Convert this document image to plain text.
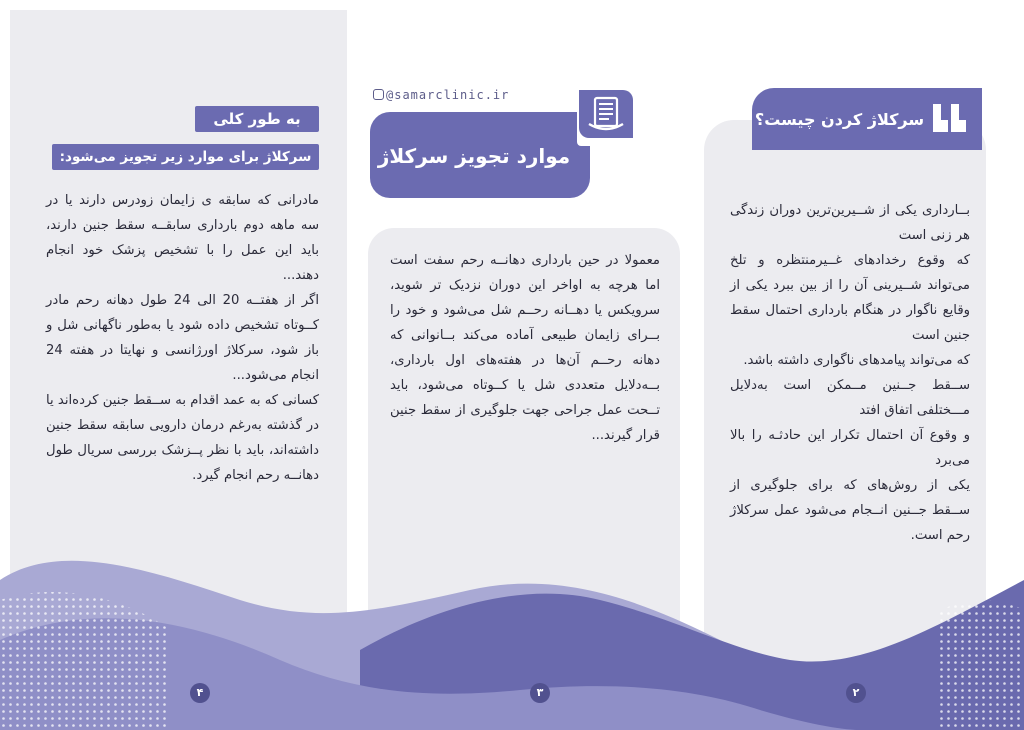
به طور کلی
سرکلاژ برای موارد زیر تجویز می‌شود:

مادرانی که سابقه ی زایمان زودرس دارند یا در سه ماهه دوم بارداری سابقــه سقط جنین دارند، باید این عمل را با تشخیص پزشک خود انجام دهند...

اگر از هفتــه 20 الی 24 طول دهانه رحم مادر کــوتاه تشخیص داده شود یا به‌طور ناگهانی شل و باز شود، سرکلاژ اورژانسی و نهایتا در هفته 24 انجام می‌شود...

کسانی که به عمد اقدام به ســقط جنین کرده‌اند یا در گذشته به‌رغم درمان دارویی سابقه سقط جنین داشته‌اند، باید با نظر پــزشک بررسی سریال طول دهانــه رحم انجام گیرد.

@samarclinic.ir
موارد تجویز سرکلاژ

معمولا در حین بارداری دهانــه رحم سفت است اما هرچه به اواخر این دوران نزدیک تر شوید، سرویکس یا دهــانه رحــم شل می‌شود و خود را بــرای زایمان طبیعی آماده می‌کند بــانوانی که دهانه رحــم آن‌ها در هفته‌های اول بارداری، بــه‌دلایل متعددی شل یا کــوتاه می‌شود، باید تــحت عمل جراحی جهت جلوگیری از سقط جنین قرار گیرند...

سرکلاژ کردن چیست؟

بــارداری یکی از شــیرین‌ترین دوران زندگی هر زنی است

که وقوع رخدادهای غــیرمنتظره و تلخ می‌تواند شــیرینی آن را از بین ببرد یکی از وقایع ناگوار در هنگام بارداری احتمال سقط جنین است

که می‌تواند پیامدهای ناگواری داشته باشد.

ســقط جــنین مــمکن است به‌دلایل مـــختلفی اتفاق افتد

و وقوع آن احتمال تکرار این حادثـه را بالا می‌برد

یکی از روش‌های که برای جلوگیری از ســقط جــنین انــجام می‌شود عمل سرکلاژ رحم است.

۴	۳	۲
